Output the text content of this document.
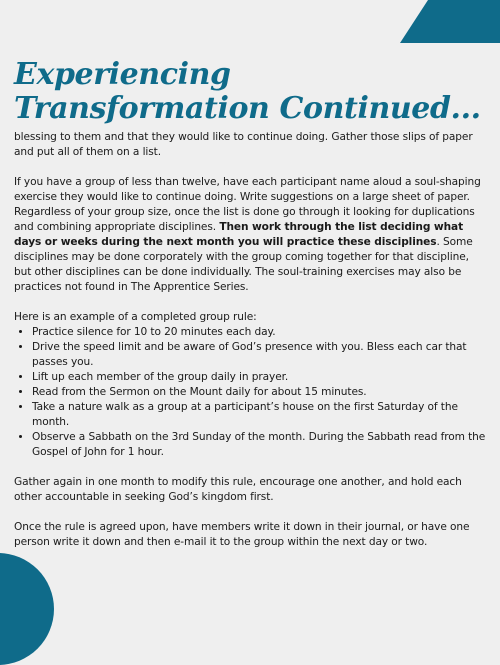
Experiencing Transformation Continued...

blessing to them and that they would like to continue doing. Gather those slips of paper and put all of them on a list.

If you have a group of less than twelve, have each participant name aloud a soul-shaping exercise they would like to continue doing. Write suggestions on a large sheet of paper.

Regardless of your group size, once the list is done go through it looking for duplications and combining appropriate disciplines. Then work through the list deciding what days or weeks during the next month you will practice these disciplines. Some disciplines may be done corporately with the group coming together for that discipline, but other disciplines can be done individually. The soul-training exercises may also be practices not found in The Apprentice Series.

Here is an example of a completed group rule:

• Practice silence for 10 to 20 minutes each day.
• Drive the speed limit and be aware of God’s presence with you. Bless each car that passes you.
• Lift up each member of the group daily in prayer.
• Read from the Sermon on the Mount daily for about 15 minutes.
• Take a nature walk as a group at a participant’s house on the first Saturday of the month.
• Observe a Sabbath on the 3rd Sunday of the month. During the Sabbath read from the Gospel of John for 1 hour.

Gather again in one month to modify this rule, encourage one another, and hold each other accountable in seeking God’s kingdom first.

Once the rule is agreed upon, have members write it down in their journal, or have one person write it down and then e-mail it to the group within the next day or two.
